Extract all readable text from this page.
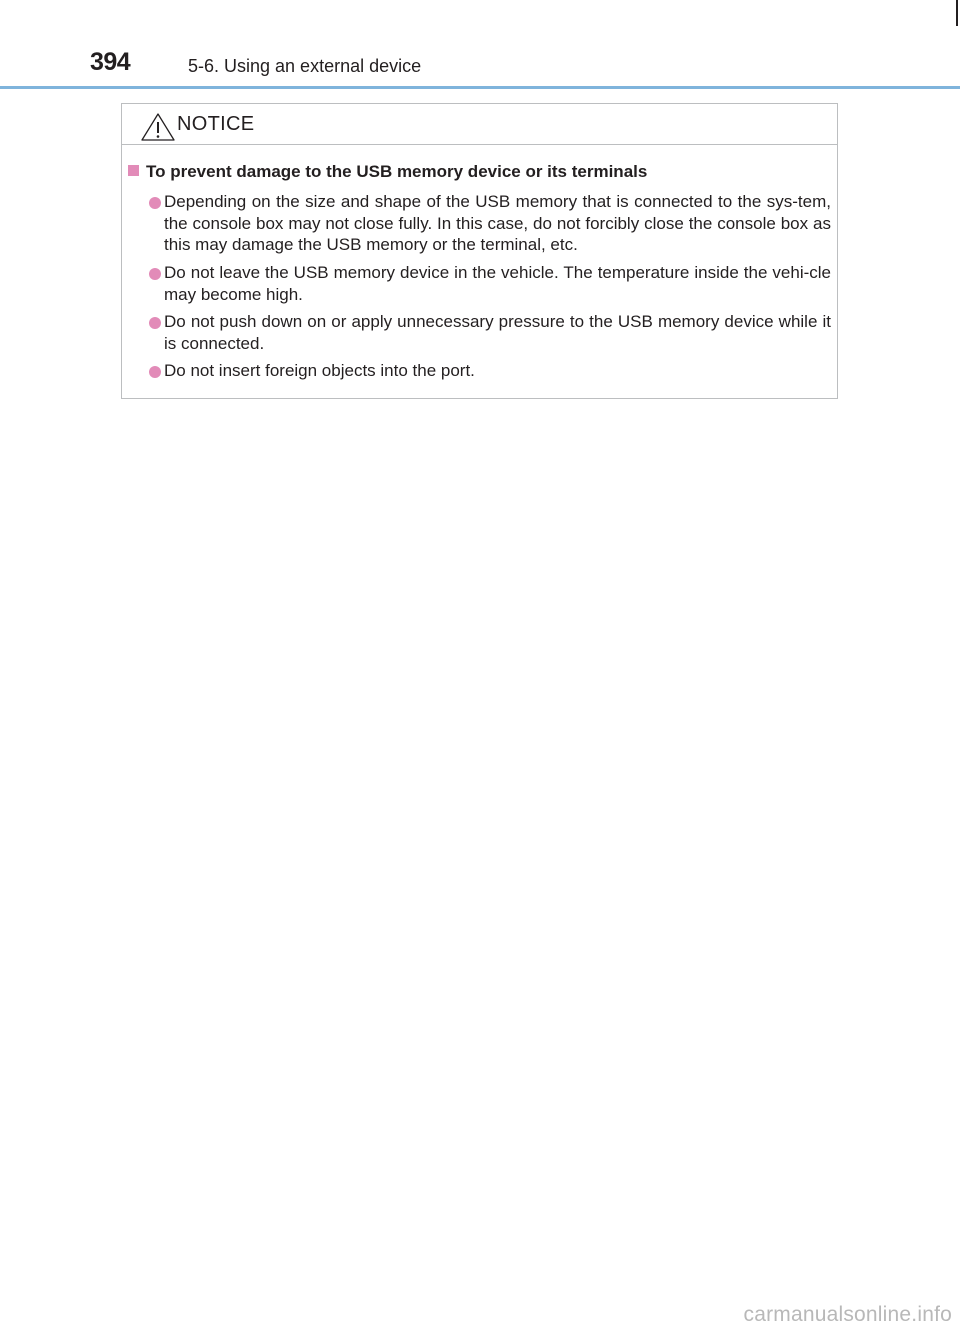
394	5-6. Using an external device
NOTICE
To prevent damage to the USB memory device or its terminals
Depending on the size and shape of the USB memory that is connected to the sys-tem, the console box may not close fully. In this case, do not forcibly close the console box as this may damage the USB memory or the terminal, etc.
Do not leave the USB memory device in the vehicle. The temperature inside the vehi-cle may become high.
Do not push down on or apply unnecessary pressure to the USB memory device while it is connected.
Do not insert foreign objects into the port.
carmanualsonline.info
